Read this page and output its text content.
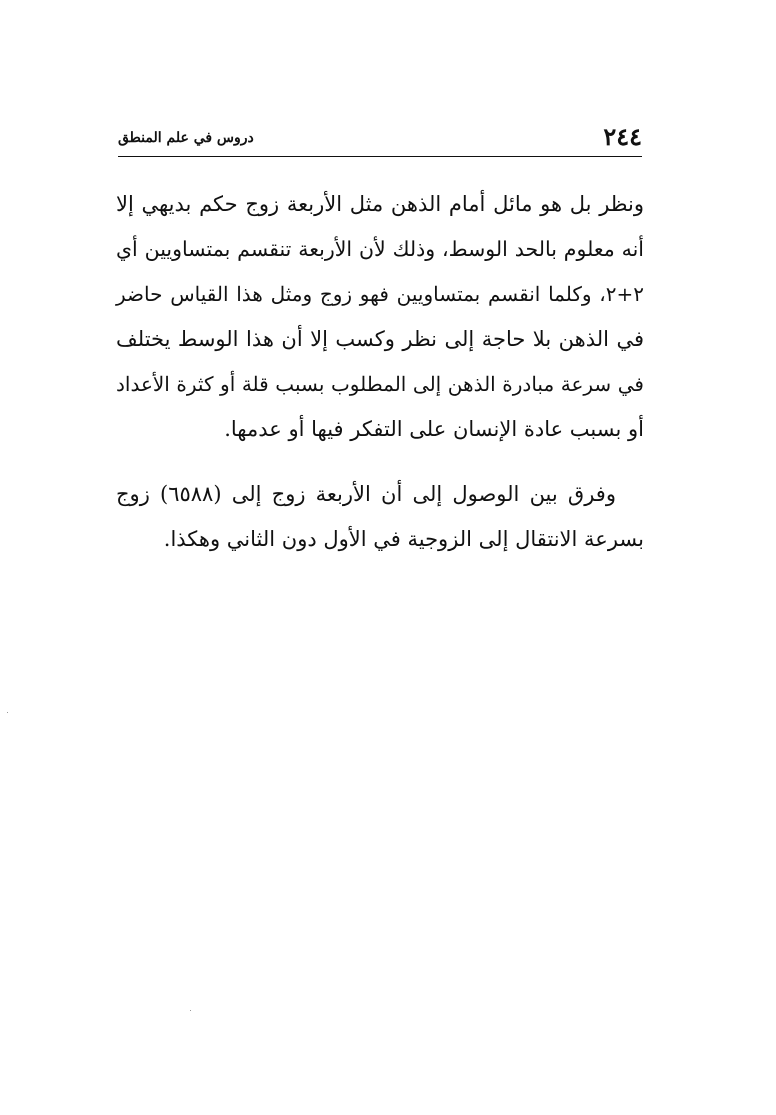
٢٤٤
دروس في علم المنطق
ونظر بل هو مائل أمام الذهن مثل الأربعة زوج حكم بديهي إلا
أنه معلوم بالحد الوسط، وذلك لأن الأربعة تنقسم بمتساويين أي
٢+٢، وكلما انقسم بمتساويين فهو زوج ومثل هذا القياس حاضر
في الذهن بلا حاجة إلى نظر وكسب إلا أن هذا الوسط يختلف
في سرعة مبادرة الذهن إلى المطلوب بسبب قلة أو كثرة الأعداد
أو بسبب عادة الإنسان على التفكر فيها أو عدمها.
وفرق بين الوصول إلى أن الأربعة زوج إلى (٦٥٨٨) زوج
بسرعة الانتقال إلى الزوجية في الأول دون الثاني وهكذا.
